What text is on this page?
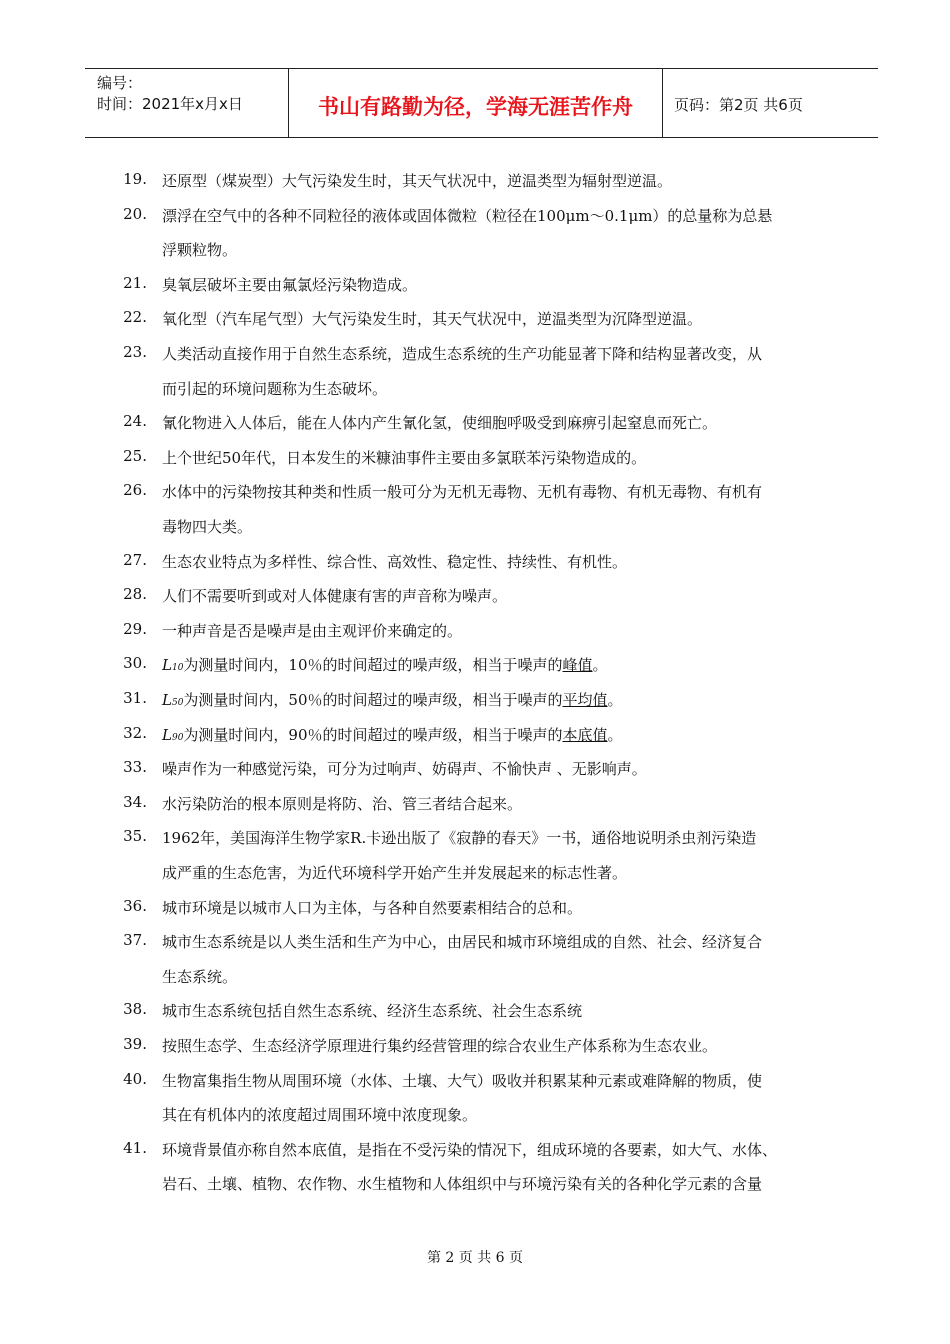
编号：
时间：2021年x月x日	书山有路勤为径，学海无涯苦作舟	页码：第2页 共6页
19. 还原型（煤炭型）大气污染发生时，其天气状况中，逆温类型为辐射型逆温。
20. 漂浮在空气中的各种不同粒径的液体或固体微粒（粒径在100μm～0.1μm）的总量称为总悬
浮颗粒物。
21. 臭氧层破坏主要由氟氯烃污染物造成。
22. 氧化型（汽车尾气型）大气污染发生时，其天气状况中，逆温类型为沉降型逆温。
23. 人类活动直接作用于自然生态系统，造成生态系统的生产功能显著下降和结构显著改变，从
而引起的环境问题称为生态破坏。
24. 氰化物进入人体后，能在人体内产生氰化氢，使细胞呼吸受到麻痹引起窒息而死亡。
25. 上个世纪50年代，日本发生的米糠油事件主要由多氯联苯污染物造成的。
26. 水体中的污染物按其种类和性质一般可分为无机无毒物、无机有毒物、有机无毒物、有机有
毒物四大类。
27. 生态农业特点为多样性、综合性、高效性、稳定性、持续性、有机性。
28. 人们不需要听到或对人体健康有害的声音称为噪声。
29. 一种声音是否是噪声是由主观评价来确定的。
30. L10为测量时间内，10％的时间超过的噪声级，相当于噪声的峰值。
31. L50为测量时间内，50％的时间超过的噪声级，相当于噪声的平均值。
32. L90为测量时间内，90％的时间超过的噪声级，相当于噪声的本底值。
33. 噪声作为一种感觉污染，可分为过响声、妨碍声、不愉快声 、无影响声。
34. 水污染防治的根本原则是将防、治、管三者结合起来。
35. 1962年，美国海洋生物学家R.卡逊出版了《寂静的春天》一书，通俗地说明杀虫剂污染造
成严重的生态危害，为近代环境科学开始产生并发展起来的标志性著。
36. 城市环境是以城市人口为主体，与各种自然要素相结合的总和。
37. 城市生态系统是以人类生活和生产为中心，由居民和城市环境组成的自然、社会、经济复合
生态系统。
38. 城市生态系统包括自然生态系统、经济生态系统、社会生态系统
39. 按照生态学、生态经济学原理进行集约经营管理的综合农业生产体系称为生态农业。
40. 生物富集指生物从周围环境（水体、土壤、大气）吸收并积累某种元素或难降解的物质，使
其在有机体内的浓度超过周围环境中浓度现象。
41. 环境背景值亦称自然本底值，是指在不受污染的情况下，组成环境的各要素，如大气、水体、
岩石、土壤、植物、农作物、水生植物和人体组织中与环境污染有关的各种化学元素的含量
第 2 页 共 6 页
